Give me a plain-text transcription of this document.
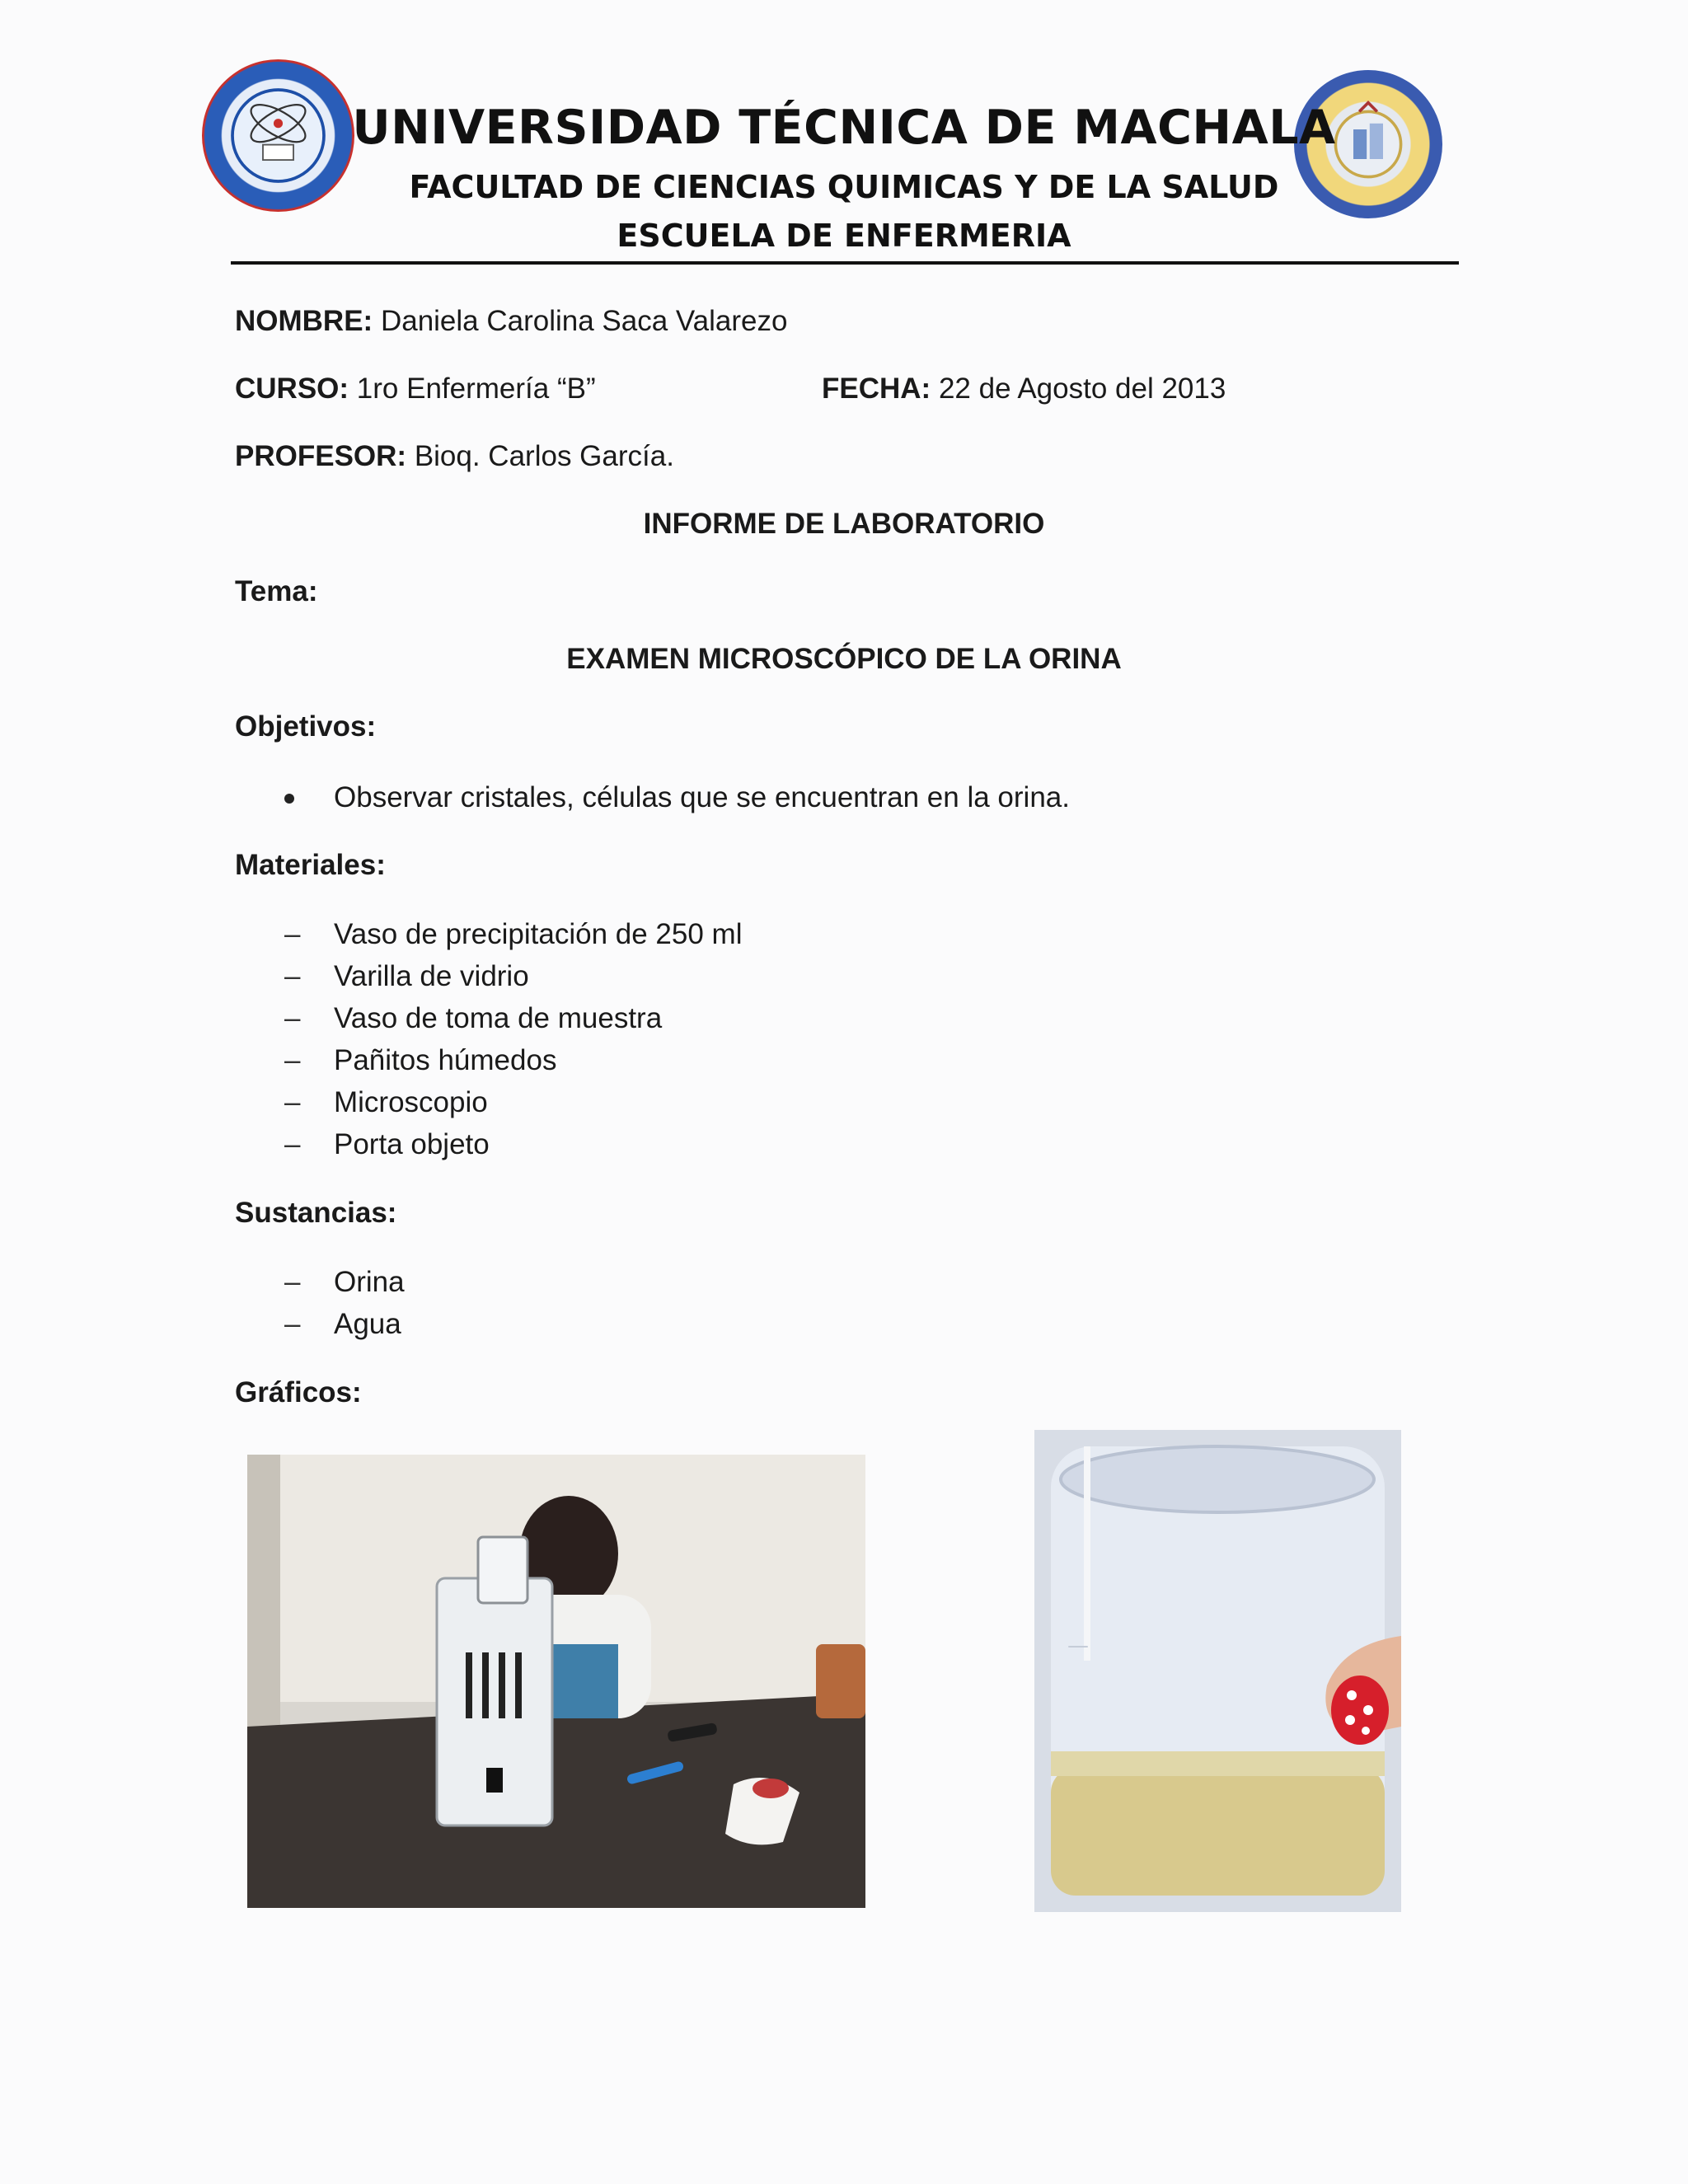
UNIVERSIDAD TÉCNICA DE MACHALA
FACULTAD DE CIENCIAS QUIMICAS Y DE LA SALUD
ESCUELA DE ENFERMERIA
NOMBRE: Daniela Carolina Saca Valarezo
CURSO: 1ro Enfermería “B”	FECHA: 22 de Agosto del 2013
PROFESOR: Bioq. Carlos García.
INFORME DE LABORATORIO
Tema:
EXAMEN MICROSCÓPICO DE LA ORINA
Objetivos:
Observar cristales, células que se encuentran en la orina.
Materiales:
– Vaso de precipitación de 250 ml
– Varilla de vidrio
– Vaso de toma de muestra
– Pañitos húmedos
– Microscopio
– Porta objeto
Sustancias:
– Orina
– Agua
Gráficos:
—
